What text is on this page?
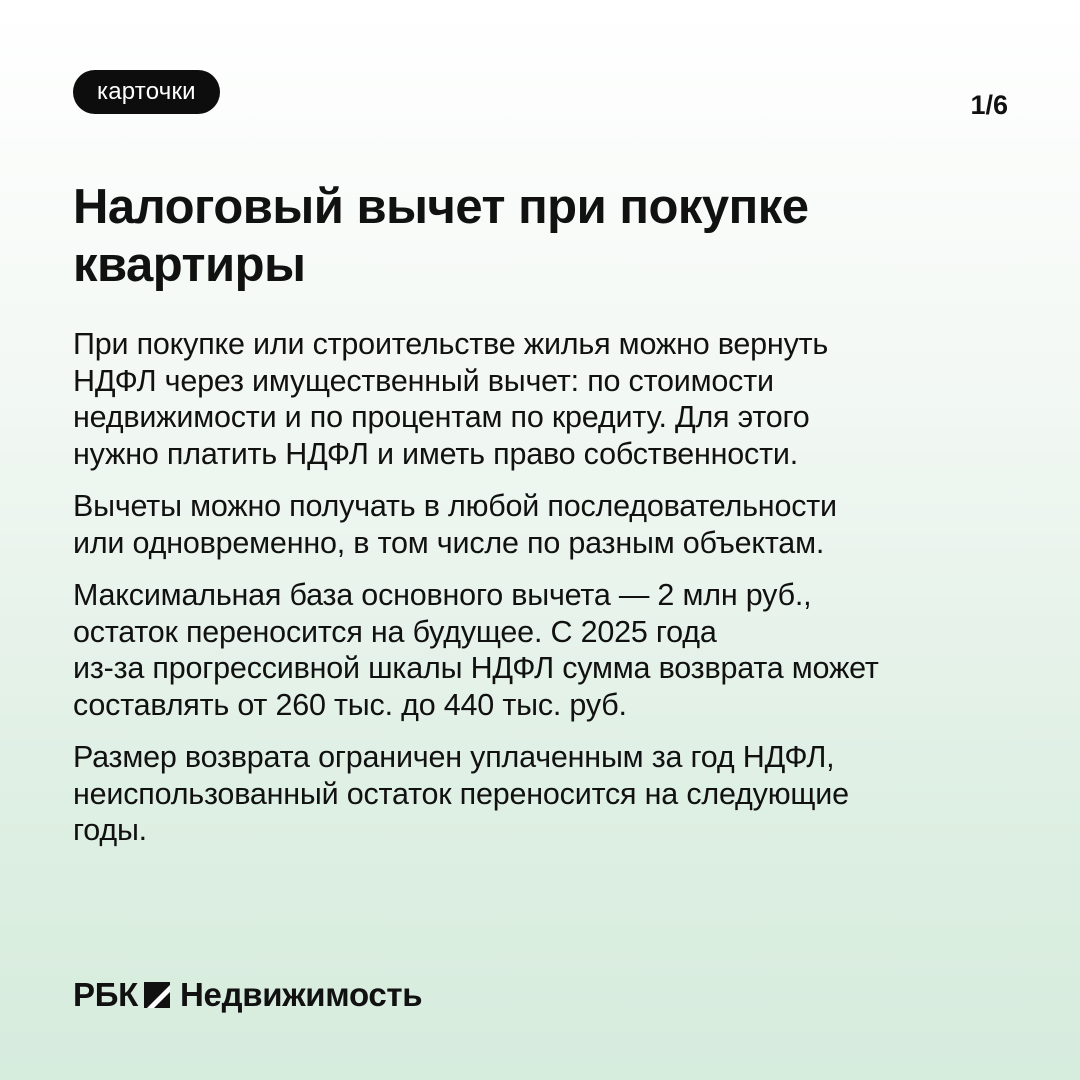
карточки	1/6
Налоговый вычет при покупке
квартиры

При покупке или строительстве жилья можно вернуть
НДФЛ через имущественный вычет: по стоимости
недвижимости и по процентам по кредиту. Для этого
нужно платить НДФЛ и иметь право собственности.

Вычеты можно получать в любой последовательности
или одновременно, в том числе по разным объектам.

Максимальная база основного вычета — 2 млн руб.,
остаток переносится на будущее. С 2025 года
из-за прогрессивной шкалы НДФЛ сумма возврата может
составлять от 260 тыс. до 440 тыс. руб.

Размер возврата ограничен уплаченным за год НДФЛ,
неиспользованный остаток переносится на следующие
годы.

РБК Недвижимость
